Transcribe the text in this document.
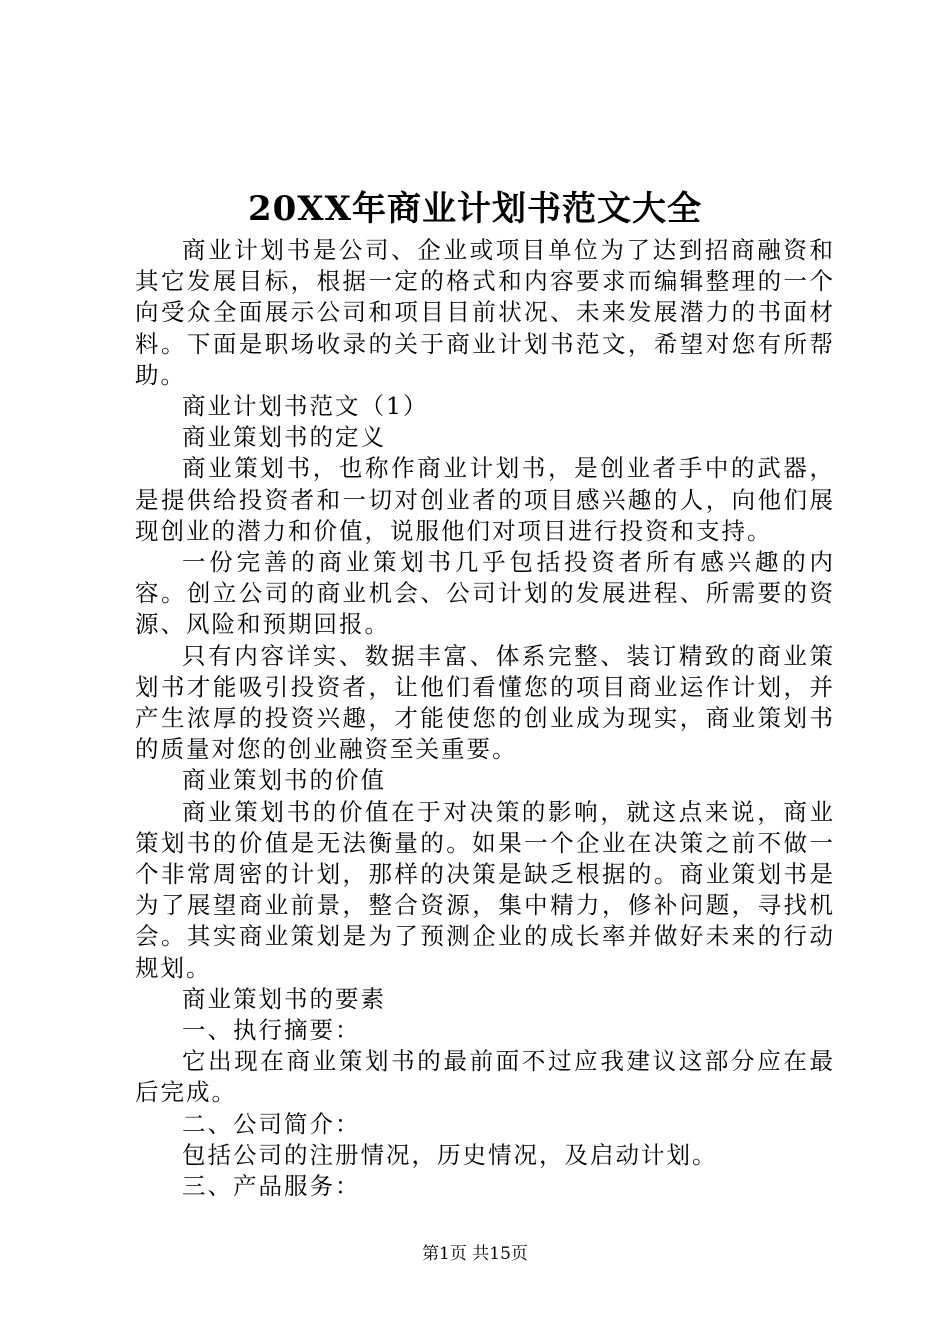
20XX年商业计划书范文大全

商业计划书是公司、企业或项目单位为了达到招商融资和其它发展目标，根据一定的格式和内容要求而编辑整理的一个向受众全面展示公司和项目目前状况、未来发展潜力的书面材料。下面是职场收录的关于商业计划书范文，希望对您有所帮助。

商业计划书范文（1）

商业策划书的定义

商业策划书，也称作商业计划书，是创业者手中的武器，是提供给投资者和一切对创业者的项目感兴趣的人，向他们展现创业的潜力和价值，说服他们对项目进行投资和支持。

一份完善的商业策划书几乎包括投资者所有感兴趣的内容。创立公司的商业机会、公司计划的发展进程、所需要的资源、风险和预期回报。

只有内容详实、数据丰富、体系完整、装订精致的商业策划书才能吸引投资者，让他们看懂您的项目商业运作计划，并产生浓厚的投资兴趣，才能使您的创业成为现实，商业策划书的质量对您的创业融资至关重要。

商业策划书的价值

商业策划书的价值在于对决策的影响，就这点来说，商业策划书的价值是无法衡量的。如果一个企业在决策之前不做一个非常周密的计划，那样的决策是缺乏根据的。商业策划书是为了展望商业前景，整合资源，集中精力，修补问题，寻找机会。其实商业策划是为了预测企业的成长率并做好未来的行动规划。

商业策划书的要素

一、执行摘要：

它出现在商业策划书的最前面不过应我建议这部分应在最后完成。

二、公司简介：

包括公司的注册情况，历史情况，及启动计划。

三、产品服务：

第1页 共15页
